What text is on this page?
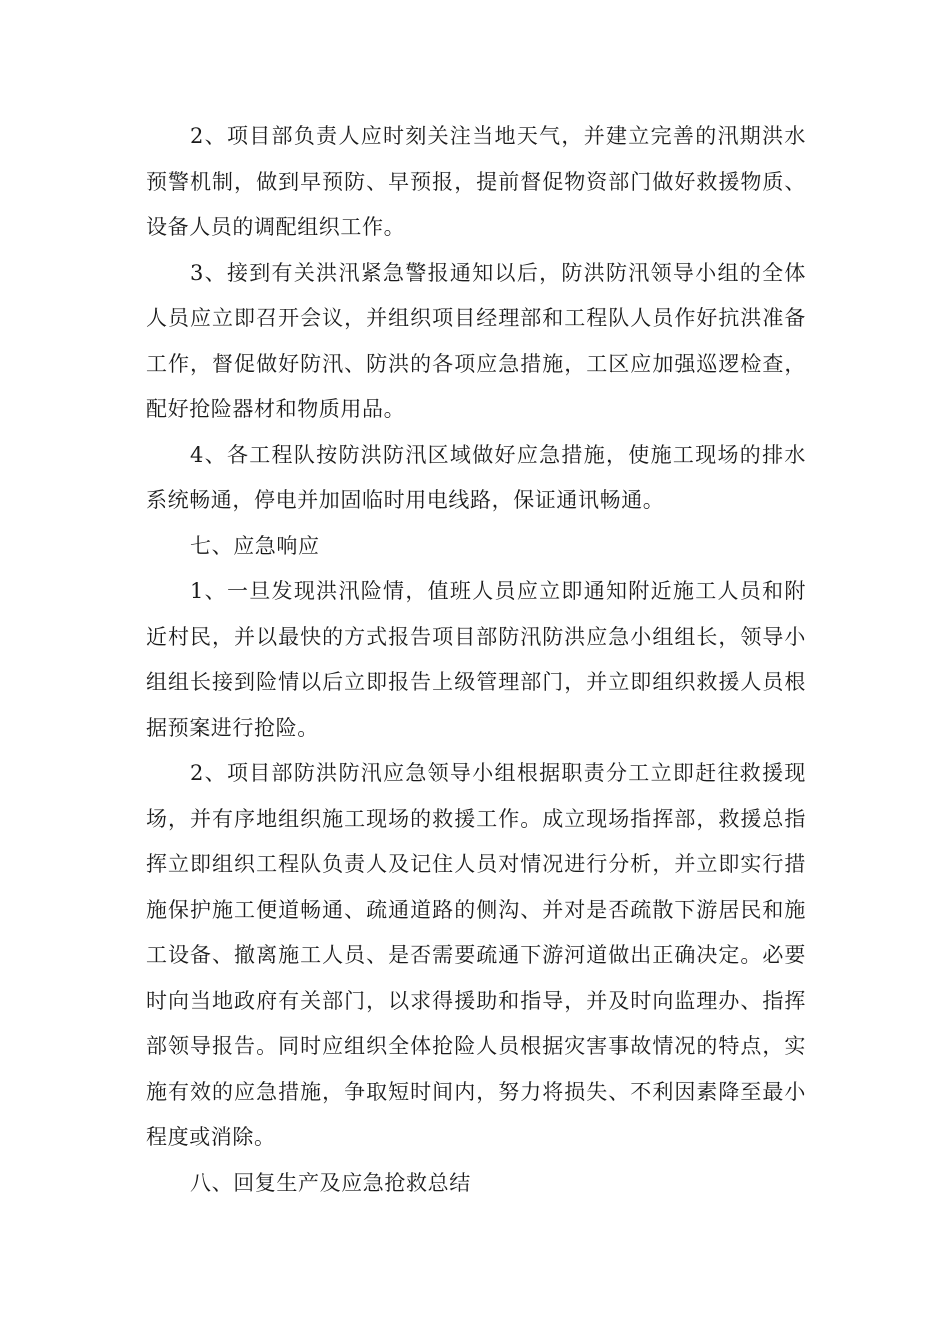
2、项目部负责人应时刻关注当地天气，并建立完善的汛期洪水预警机制，做到早预防、早预报，提前督促物资部门做好救援物质、设备人员的调配组织工作。

3、接到有关洪汛紧急警报通知以后，防洪防汛领导小组的全体人员应立即召开会议，并组织项目经理部和工程队人员作好抗洪准备工作，督促做好防汛、防洪的各项应急措施，工区应加强巡逻检查，配好抢险器材和物质用品。

4、各工程队按防洪防汛区域做好应急措施，使施工现场的排水系统畅通，停电并加固临时用电线路，保证通讯畅通。

七、应急响应

1、一旦发现洪汛险情，值班人员应立即通知附近施工人员和附近村民，并以最快的方式报告项目部防汛防洪应急小组组长，领导小组组长接到险情以后立即报告上级管理部门，并立即组织救援人员根据预案进行抢险。

2、项目部防洪防汛应急领导小组根据职责分工立即赶往救援现场，并有序地组织施工现场的救援工作。成立现场指挥部，救援总指挥立即组织工程队负责人及记住人员对情况进行分析，并立即实行措施保护施工便道畅通、疏通道路的侧沟、并对是否疏散下游居民和施工设备、撤离施工人员、是否需要疏通下游河道做出正确决定。必要时向当地政府有关部门，以求得援助和指导，并及时向监理办、指挥部领导报告。同时应组织全体抢险人员根据灾害事故情况的特点，实施有效的应急措施，争取短时间内，努力将损失、不利因素降至最小程度或消除。

八、回复生产及应急抢救总结
